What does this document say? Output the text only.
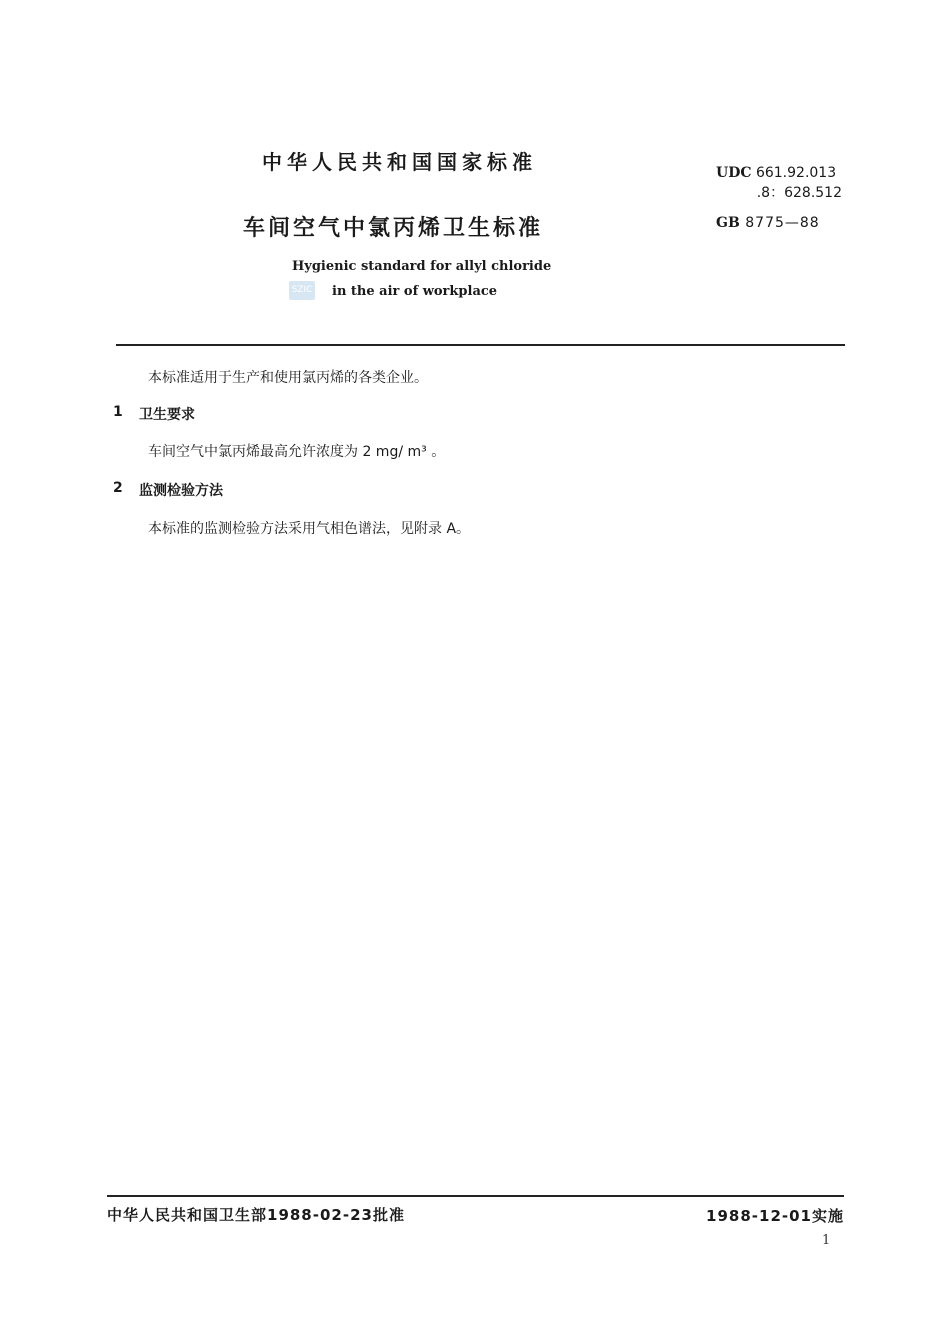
中华人民共和国国家标准
车间空气中氯丙烯卫生标准
UDC 661.92.013
.8：628.512
GB 8775—88
Hygienic standard for allyl chloride
SZIC in the air of workplace
本标准适用于生产和使用氯丙烯的各类企业。
1 卫生要求
车间空气中氯丙烯最高允许浓度为 2 mg/ m³ 。
2 监测检验方法
本标准的监测检验方法采用气相色谱法，见附录 A。
中华人民共和国卫生部1988-02-23批准	1988-12-01实施
1
